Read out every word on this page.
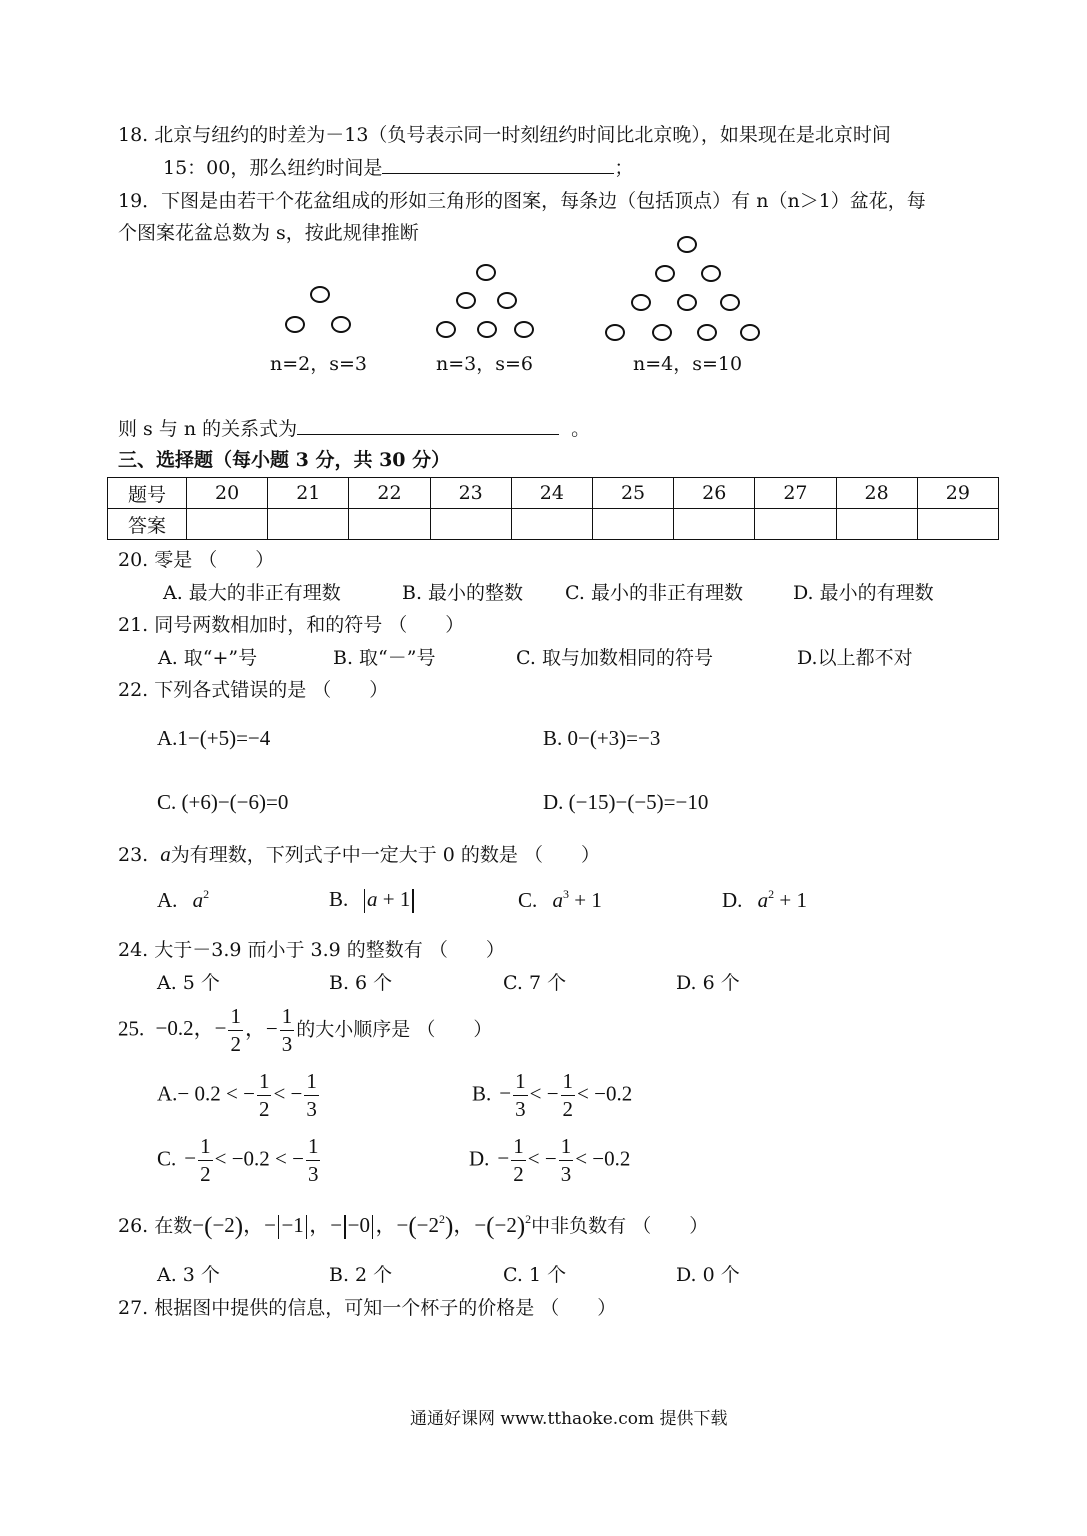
18. 北京与纽约的时差为－13（负号表示同一时刻纽约时间比北京晚），如果现在是北京时间
15：00，那么纽约时间是	；
19．下图是由若干个花盆组成的形如三角形的图案，每条边（包括顶点）有 n（n＞1）盆花，每
个图案花盆总数为 s，按此规律推断
n=2，s=3	n=3，s=6	n=4，s=10
则 s 与 n 的关系式为	。
三、选择题（每小题 3 分，共 30 分）
题号	20	21	22	23	24	25	26	27	28	29
答案										
20. 零是 （　　）
A. 最大的非正有理数	B. 最小的整数 C. 最小的非正有理数	D. 最小的有理数
21. 同号两数相加时，和的符号 （　　）
A. 取“+”号	B. 取“－”号	C. 取与加数相同的符号	D.以上都不对
22. 下列各式错误的是 （　　）
A.1−(+5)=−4	B. 0−(+3)=−3
C. (+6)−(−6)=0	D. (−15)−(−5)=−10
23. a为有理数，下列式子中一定大于 0 的数是 （　　）
A. $a^2$	B. a + 1	C. $a^3 + 1$	D. $a^2 + 1$
24. 大于－3.9 而小于 3.9 的整数有 （　　）
A. 5 个	B. 6 个	C. 7 个	D. 6 个
25. −0.2，− $\frac{1}{2}$ ，− $\frac{1}{3}$ 的大小顺序是 （　　）
A.− 0.2 < − $\frac{1}{2}$ < − $\frac{1}{3}$	B. − $\frac{1}{3}$ < − $\frac{1}{2} < -0.2$
C. − $\frac{1}{2} < -0.2$ < − $\frac{1}{3}$	D. − $\frac{1}{2}$ < − $\frac{1}{3} < -0.2$
26. 在数−(−2)，− −1 ，− −0 ，$-(-2^2)$，$-(-2)^2$中非负数有 （　　）
A. 3 个	B. 2 个	C. 1 个	D. 0 个
27. 根据图中提供的信息，可知一个杯子的价格是 （　　）
通通好课网 www.tthaoke.com 提供下载
